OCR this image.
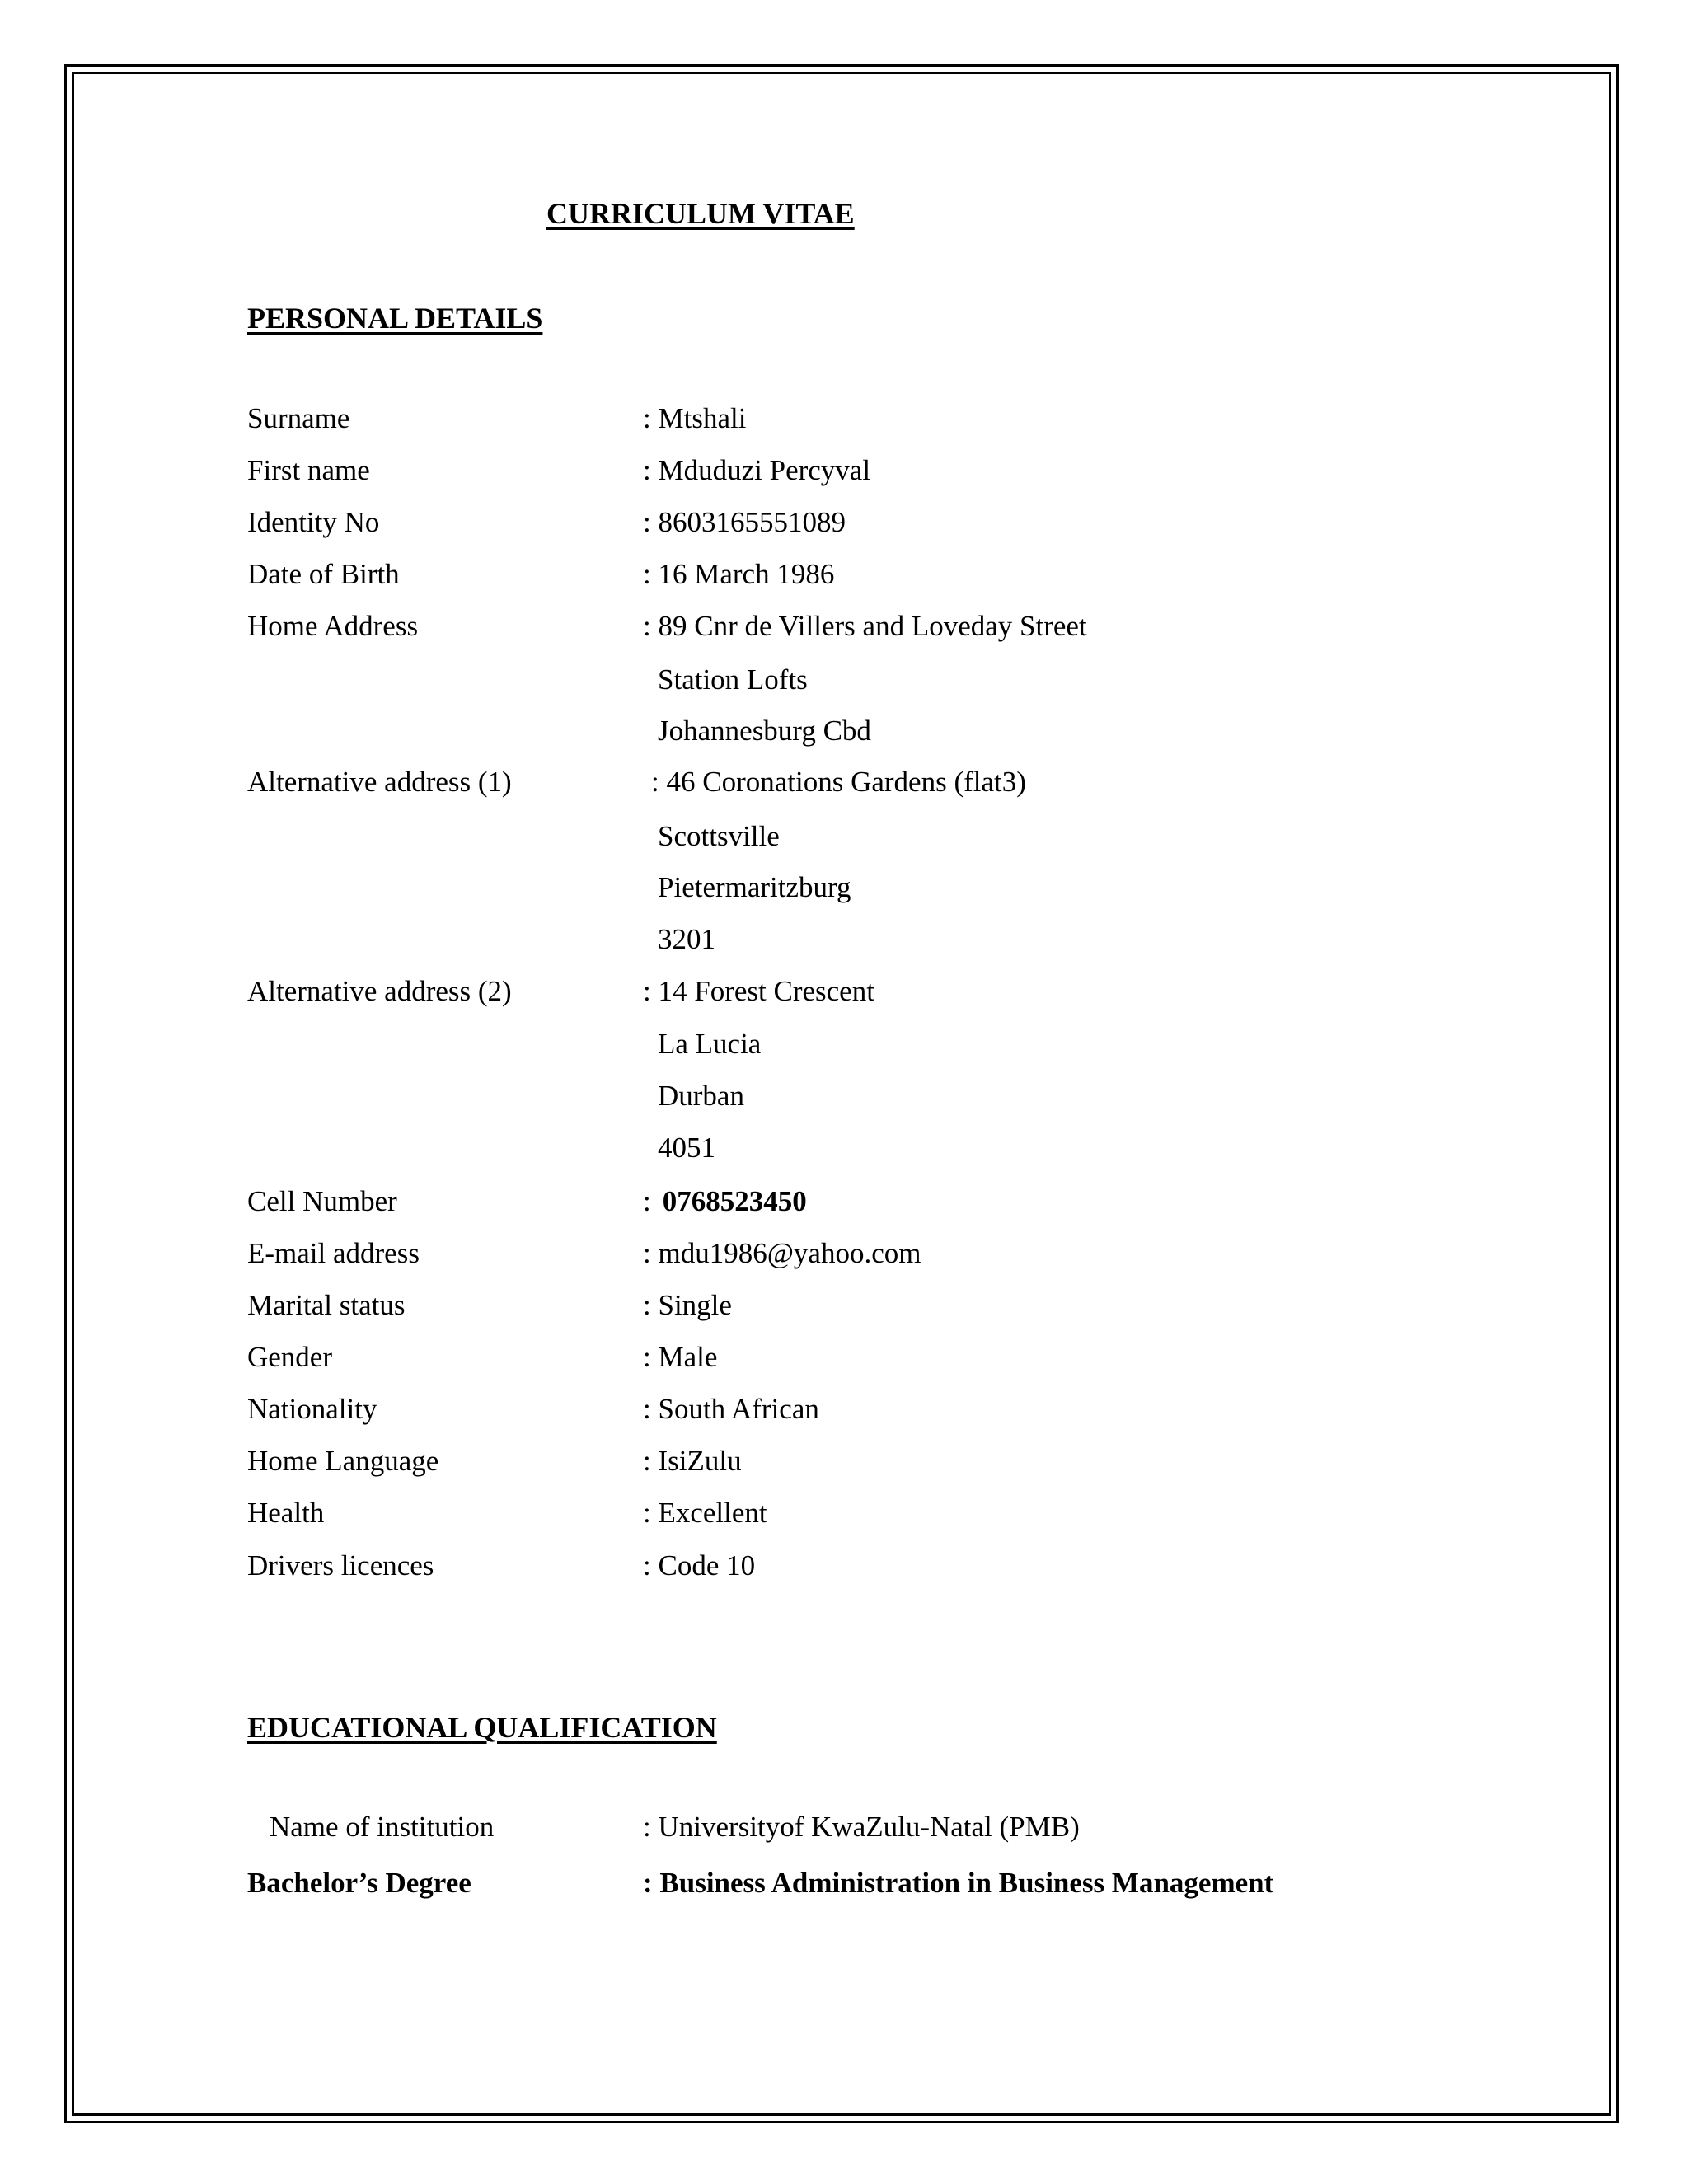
CURRICULUM VITAE
PERSONAL DETAILS
Surname	: Mtshali
First name	: Mduduzi Percyval
Identity No	: 8603165551089
Date of Birth	: 16 March 1986
Home Address	: 89 Cnr de Villers and Loveday Street
Station Lofts
Johannesburg Cbd
Alternative address (1)	: 46 Coronations Gardens (flat3)
Scottsville
Pietermaritzburg
3201
Alternative address (2)	: 14 Forest Crescent
La Lucia
Durban
4051
Cell Number	: 0768523450
E-mail address	: mdu1986@yahoo.com
Marital status	: Single
Gender	: Male
Nationality	: South African
Home Language	: IsiZulu
Health	: Excellent
Drivers licences	: Code 10
EDUCATIONAL QUALIFICATION
Name of institution	: Universityof KwaZulu-Natal (PMB)
Bachelor’s Degree	: Business Administration in Business Management
